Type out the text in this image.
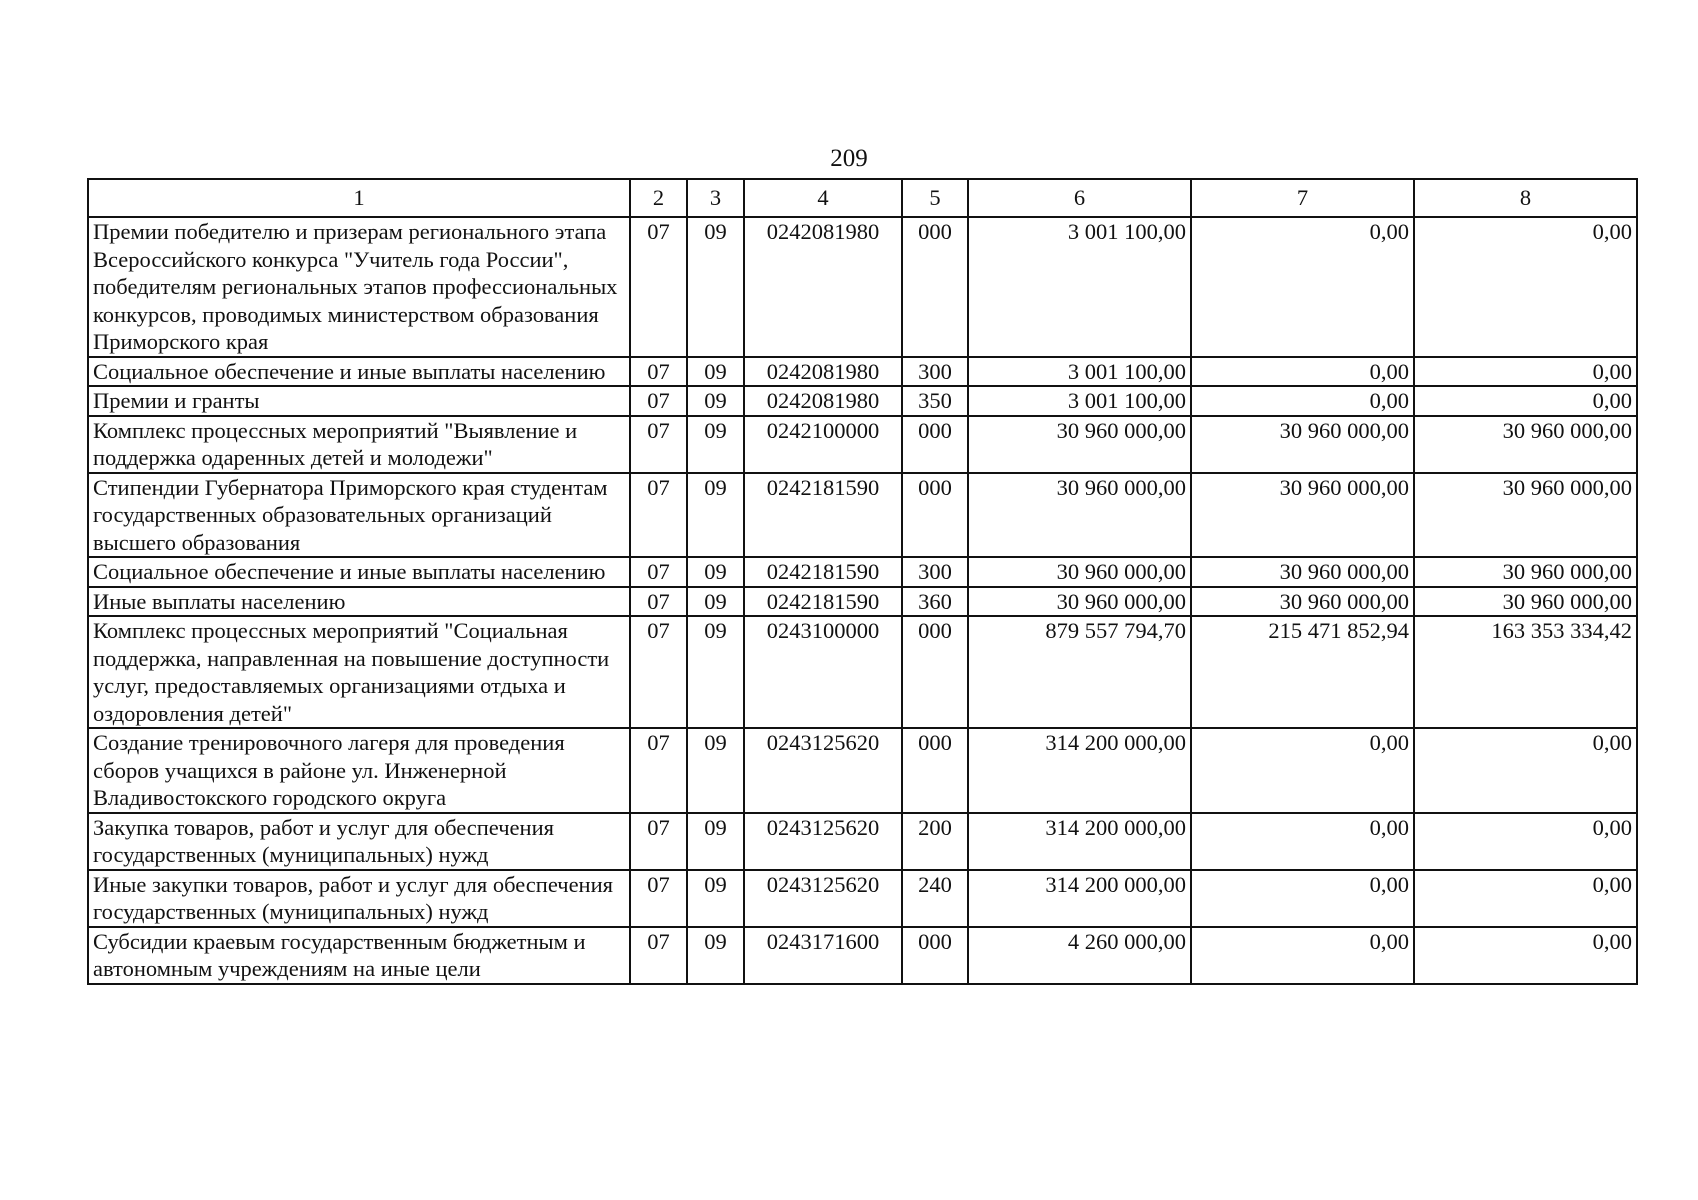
209
1	2	3	4	5	6	7	8
Премии победителю и призерам регионального этапа Всероссийского конкурса "Учитель года России", победителям региональных этапов профессиональных конкурсов, проводимых министерством образования Приморского края	07	09	0242081980	000	3 001 100,00	0,00	0,00
Социальное обеспечение и иные выплаты населению	07	09	0242081980	300	3 001 100,00	0,00	0,00
Премии и гранты	07	09	0242081980	350	3 001 100,00	0,00	0,00
Комплекс процессных мероприятий "Выявление и поддержка одаренных детей и молодежи"	07	09	0242100000	000	30 960 000,00	30 960 000,00	30 960 000,00
Стипендии Губернатора Приморского края студентам государственных образовательных организаций высшего образования	07	09	0242181590	000	30 960 000,00	30 960 000,00	30 960 000,00
Социальное обеспечение и иные выплаты населению	07	09	0242181590	300	30 960 000,00	30 960 000,00	30 960 000,00
Иные выплаты населению	07	09	0242181590	360	30 960 000,00	30 960 000,00	30 960 000,00
Комплекс процессных мероприятий "Социальная поддержка, направленная на повышение доступности услуг, предоставляемых организациями отдыха и оздоровления детей"	07	09	0243100000	000	879 557 794,70	215 471 852,94	163 353 334,42
Создание тренировочного лагеря для проведения сборов учащихся в районе ул. Инженерной Владивостокского городского округа	07	09	0243125620	000	314 200 000,00	0,00	0,00
Закупка товаров, работ и услуг для обеспечения государственных (муниципальных) нужд	07	09	0243125620	200	314 200 000,00	0,00	0,00
Иные закупки товаров, работ и услуг для обеспечения государственных (муниципальных) нужд	07	09	0243125620	240	314 200 000,00	0,00	0,00
Субсидии краевым государственным бюджетным и автономным учреждениям на иные цели	07	09	0243171600	000	4 260 000,00	0,00	0,00
